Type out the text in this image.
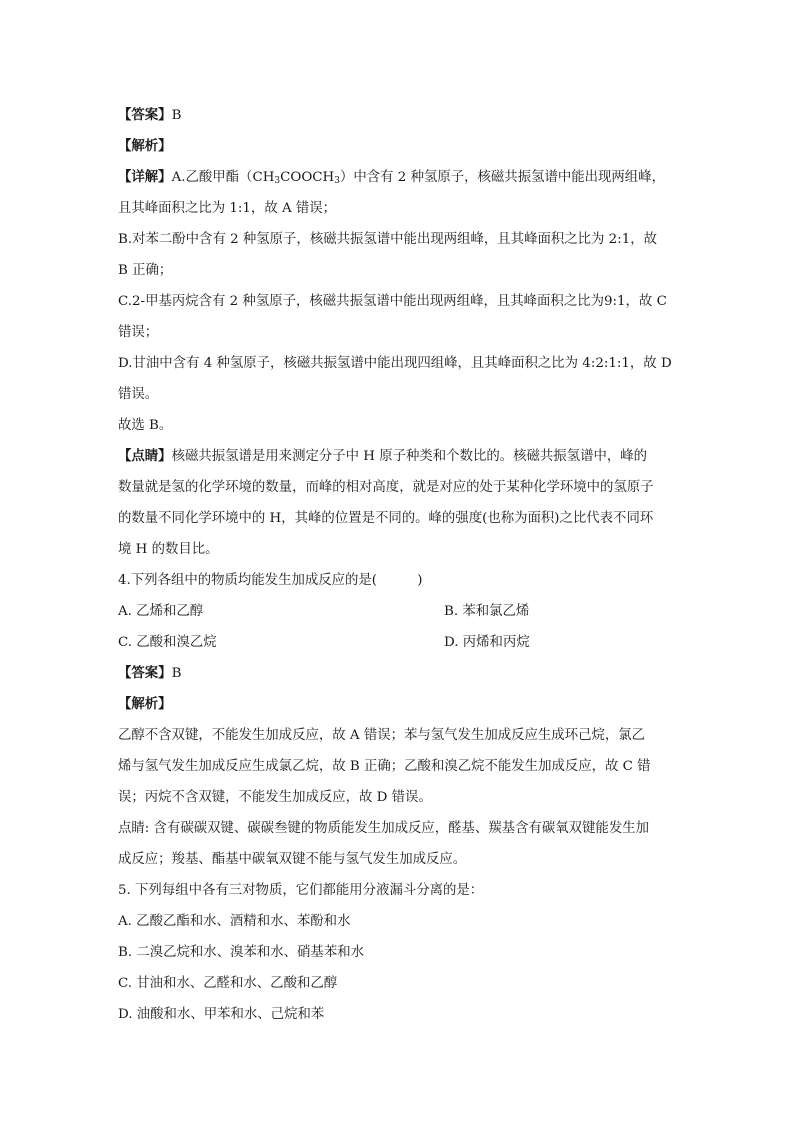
【答案】B
【解析】
【详解】A.乙酸甲酯$(CH_3COOCH_3)$中含有 2 种氢原子，核磁共振氢谱中能出现两组峰，
且其峰面积之比为 1:1，故 A 错误；
B.对苯二酚中含有 2 种氢原子，核磁共振氢谱中能出现两组峰，且其峰面积之比为 2:1，故
B 正确；
C.2-甲基丙烷含有 2 种氢原子，核磁共振氢谱中能出现两组峰，且其峰面积之比为9:1，故 C
错误；
D.甘油中含有 4 种氢原子，核磁共振氢谱中能出现四组峰，且其峰面积之比为 4:2:1:1，故 D
错误。
故选 B。
【点睛】核磁共振氢谱是用来测定分子中 H 原子种类和个数比的。核磁共振氢谱中，峰的
数量就是氢的化学环境的数量，而峰的相对高度，就是对应的处于某种化学环境中的氢原子
的数量不同化学环境中的 H，其峰的位置是不同的。峰的强度(也称为面积)之比代表不同环
境 H 的数目比。
4.下列各组中的物质均能发生加成反应的是(　　　)
A. 乙烯和乙醇	B. 苯和氯乙烯
C. 乙酸和溴乙烷	D. 丙烯和丙烷
【答案】B
【解析】
乙醇不含双键，不能发生加成反应，故 A 错误；苯与氢气发生加成反应生成环己烷，氯乙
烯与氢气发生加成反应生成氯乙烷，故 B 正确；乙酸和溴乙烷不能发生加成反应，故 C 错
误；丙烷不含双键，不能发生加成反应，故 D 错误。
点睛: 含有碳碳双键、碳碳叁键的物质能发生加成反应，醛基、羰基含有碳氧双键能发生加
成反应；羧基、酯基中碳氧双键不能与氢气发生加成反应。
5. 下列每组中各有三对物质，它们都能用分液漏斗分离的是：
A. 乙酸乙酯和水、酒精和水、苯酚和水
B. 二溴乙烷和水、溴苯和水、硝基苯和水
C. 甘油和水、乙醛和水、乙酸和乙醇
D. 油酸和水、甲苯和水、己烷和苯
